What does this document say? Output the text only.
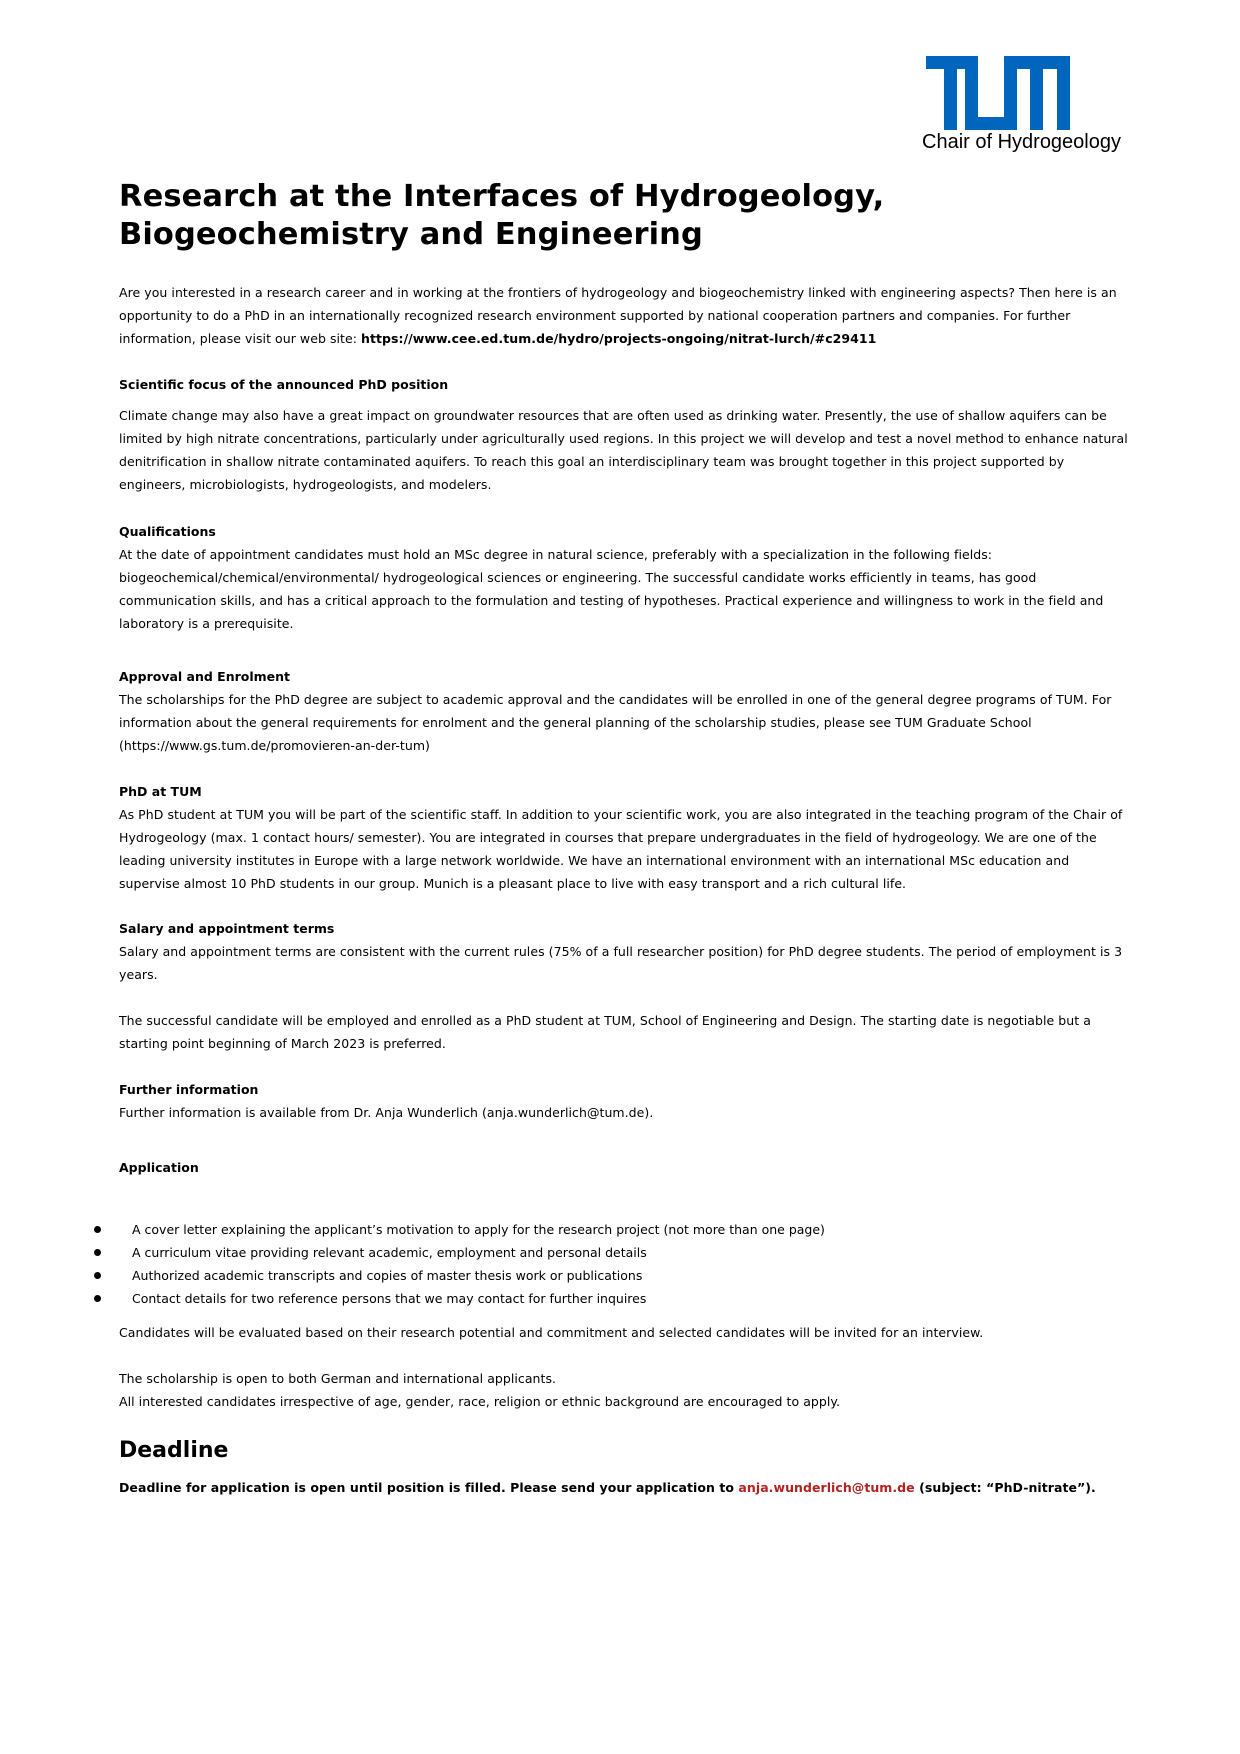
Chair of Hydrogeology
Research at the Interfaces of Hydrogeology,
Biogeochemistry and Engineering

Are you interested in a research career and in working at the frontiers of hydrogeology and biogeochemistry linked with engineering aspects? Then here is an opportunity to do a PhD in an internationally recognized research environment supported by national cooperation partners and companies. For further information, please visit our web site: https://www.cee.ed.tum.de/hydro/projects-ongoing/nitrat-lurch/#c29411

Scientific focus of the announced PhD position

Climate change may also have a great impact on groundwater resources that are often used as drinking water. Presently, the use of shallow aquifers can be limited by high nitrate concentrations, particularly under agriculturally used regions. In this project we will develop and test a novel method to enhance natural denitrification in shallow nitrate contaminated aquifers. To reach this goal an interdisciplinary team was brought together in this project supported by engineers, microbiologists, hydrogeologists, and modelers.

Qualifications

At the date of appointment candidates must hold an MSc degree in natural science, preferably with a specialization in the following fields: biogeochemical/chemical/environmental/ hydrogeological sciences or engineering. The successful candidate works efficiently in teams, has good communication skills, and has a critical approach to the formulation and testing of hypotheses. Practical experience and willingness to work in the field and laboratory is a prerequisite.

Approval and Enrolment

The scholarships for the PhD degree are subject to academic approval and the candidates will be enrolled in one of the general degree programs of TUM. For information about the general requirements for enrolment and the general planning of the scholarship studies, please see TUM Graduate School (https://www.gs.tum.de/promovieren-an-der-tum)

PhD at TUM

As PhD student at TUM you will be part of the scientific staff. In addition to your scientific work, you are also integrated in the teaching program of the Chair of Hydrogeology (max. 1 contact hours/ semester). You are integrated in courses that prepare undergraduates in the field of hydrogeology. We are one of the leading university institutes in Europe with a large network worldwide. We have an international environment with an international MSc education and supervise almost 10 PhD students in our group. Munich is a pleasant place to live with easy transport and a rich cultural life.

Salary and appointment terms

Salary and appointment terms are consistent with the current rules (75% of a full researcher position) for PhD degree students. The period of employment is 3 years.

The successful candidate will be employed and enrolled as a PhD student at TUM, School of Engineering and Design. The starting date is negotiable but a starting point beginning of March 2023 is preferred.

Further information

Further information is available from Dr. Anja Wunderlich (anja.wunderlich@tum.de).

Application

A cover letter explaining the applicant’s motivation to apply for the research project (not more than one page)
A curriculum vitae providing relevant academic, employment and personal details
Authorized academic transcripts and copies of master thesis work or publications
Contact details for two reference persons that we may contact for further inquires

Candidates will be evaluated based on their research potential and commitment and selected candidates will be invited for an interview.

The scholarship is open to both German and international applicants.

All interested candidates irrespective of age, gender, race, religion or ethnic background are encouraged to apply.

Deadline

Deadline for application is open until position is filled. Please send your application to anja.wunderlich@tum.de (subject: “PhD-nitrate”).
